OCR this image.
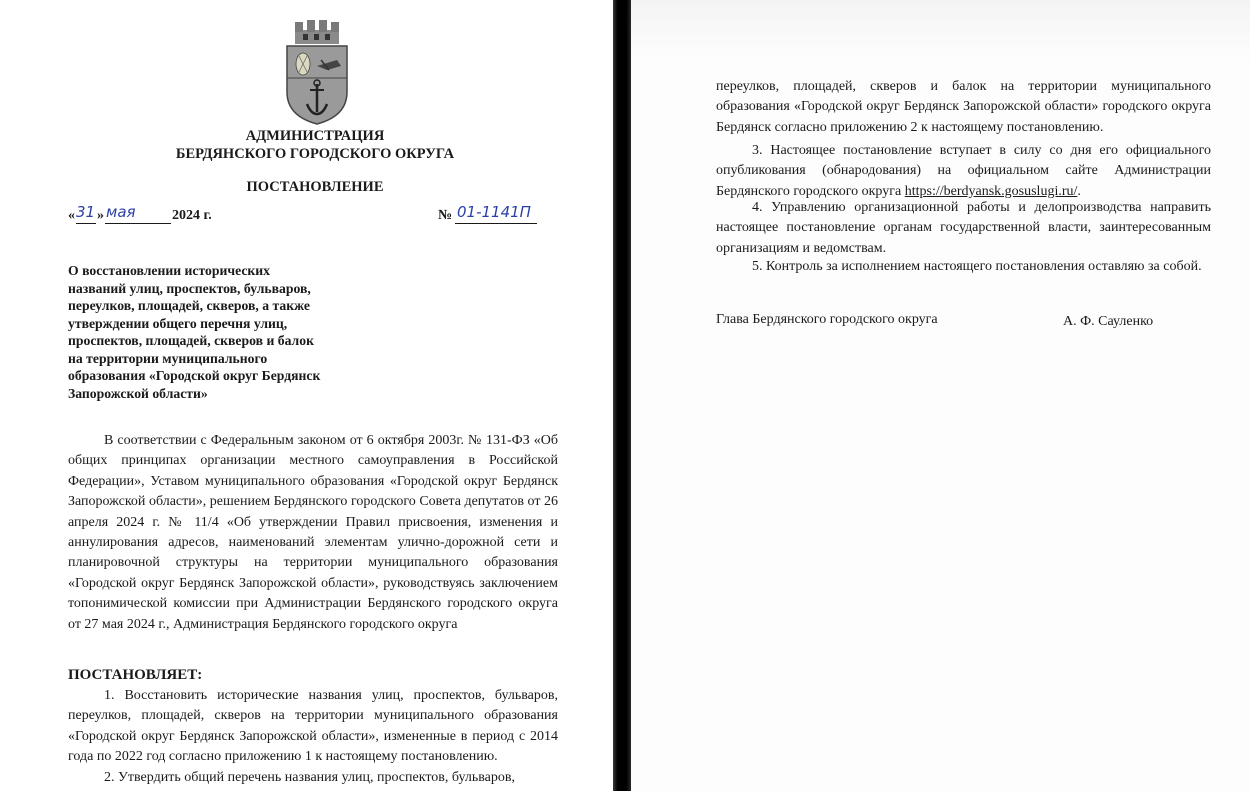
АДМИНИСТРАЦИЯ
БЕРДЯНСКОГО ГОРОДСКОГО ОКРУГА
ПОСТАНОВЛЕНИЕ
« 31 » мая	2024 г.	№ 01-1141П
О восстановлении исторических
названий улиц, проспектов, бульваров,
переулков, площадей, скверов, а также
утверждении общего перечня улиц,
проспектов, площадей, скверов и балок
на территории муниципального
образования «Городской округ Бердянск
Запорожской области»
В соответствии с Федеральным законом от 6 октября 2003г. № 131-ФЗ «Об общих принципах организации местного самоуправления в Российской Федерации», Уставом муниципального образования «Городской округ Бердянск Запорожской области», решением Бердянского городского Совета депутатов от 26 апреля 2024 г. № 11/4 «Об утверждении Правил присвоения, изменения и аннулирования адресов, наименований элементам улично-дорожной сети и планировочной структуры на территории муниципального образования «Городской округ Бердянск Запорожской области», руководствуясь заключением топонимической комиссии при Администрации Бердянского городского округа от 27 мая 2024 г., Администрация Бердянского городского округа
ПОСТАНОВЛЯЕТ:
1. Восстановить исторические названия улиц, проспектов, бульваров, переулков, площадей, скверов на территории муниципального образования «Городской округ Бердянск Запорожской области», измененные в период с 2014 года по 2022 год согласно приложению 1 к настоящему постановлению.
2. Утвердить общий перечень названия улиц, проспектов, бульваров,
переулков, площадей, скверов и балок на территории муниципального образования «Городской округ Бердянск Запорожской области» городского округа Бердянск согласно приложению 2 к настоящему постановлению.
3. Настоящее постановление вступает в силу со дня его официального опубликования (обнародования) на официальном сайте Администрации Бердянского городского округа https://berdyansk.gosuslugi.ru/.
4. Управлению организационной работы и делопроизводства направить настоящее постановление органам государственной власти, заинтересованным организациям и ведомствам.
5. Контроль за исполнением настоящего постановления оставляю за собой.
Глава Бердянского городского округа	А. Ф. Сауленко
